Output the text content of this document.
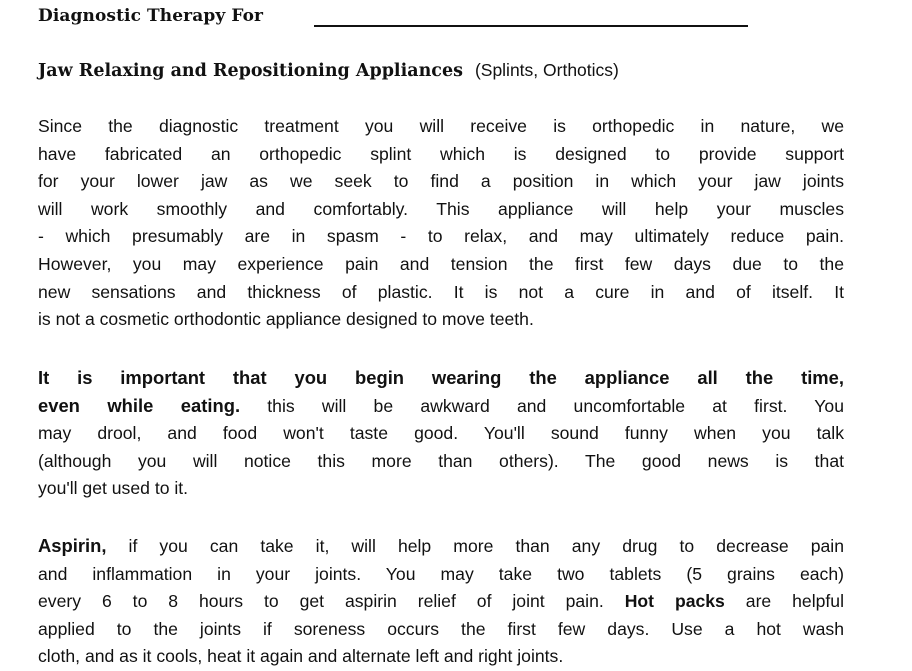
Diagnostic Therapy For
Jaw Relaxing and Repositioning Appliances (Splints, Orthotics)
Since the diagnostic treatment you will receive is orthopedic in nature, we
have fabricated an orthopedic splint which is designed to provide support
for your lower jaw as we seek to find a position in which your jaw joints
will work smoothly and comfortably. This appliance will help your muscles
- which presumably are in spasm - to relax, and may ultimately reduce pain.
However, you may experience pain and tension the first few days due to the
new sensations and thickness of plastic. It is not a cure in and of itself. It
is not a cosmetic orthodontic appliance designed to move teeth.
It is important that you begin wearing the appliance all the time,
even while eating. this will be awkward and uncomfortable at first. You
may drool, and food won't taste good. You'll sound funny when you talk
(although you will notice this more than others). The good news is that
you'll get used to it.
Aspirin, if you can take it, will help more than any drug to decrease pain
and inflammation in your joints. You may take two tablets (5 grains each)
every 6 to 8 hours to get aspirin relief of joint pain. Hot packs are helpful
applied to the joints if soreness occurs the first few days. Use a hot wash
cloth, and as it cools, heat it again and alternate left and right joints.
